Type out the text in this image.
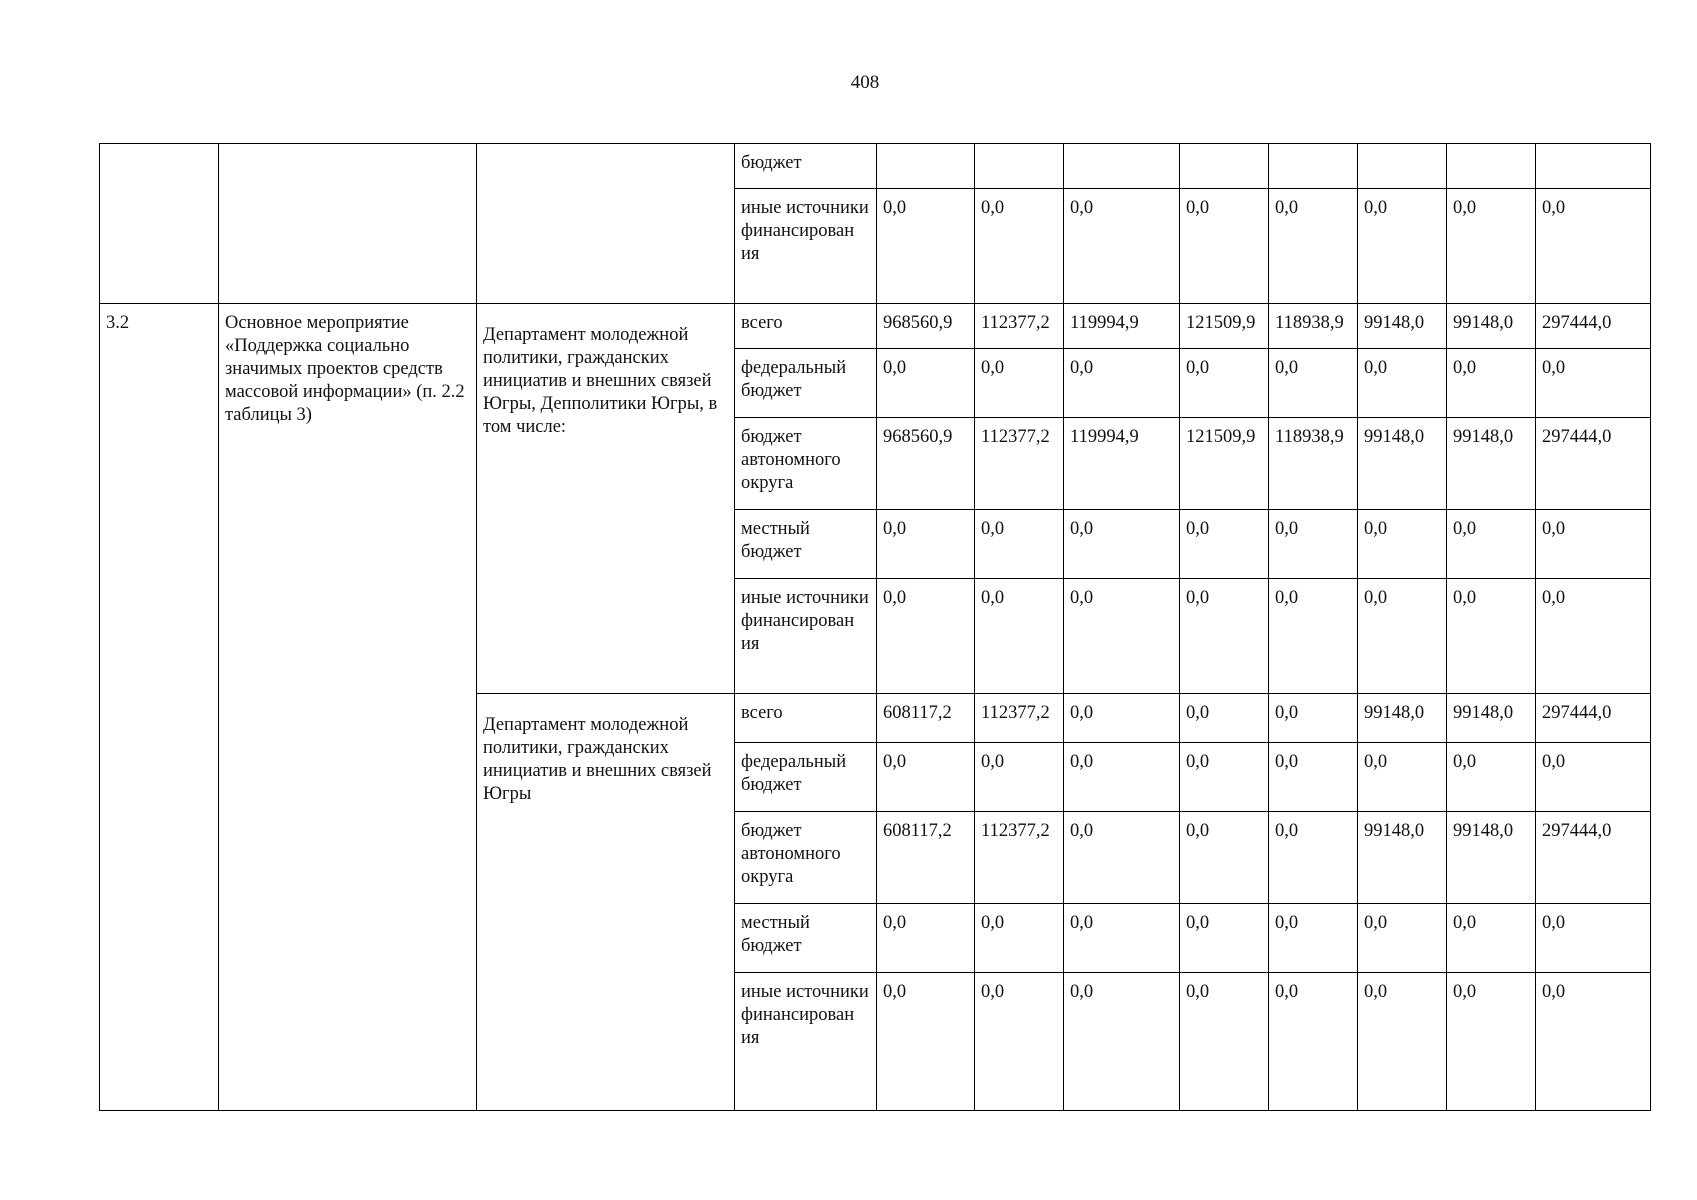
408
			бюджет								
			иные источники финансирован ия	0,0	0,0	0,0	0,0	0,0	0,0	0,0	0,0
3.2	Основное мероприятие «Поддержка социально значимых проектов средств массовой информации» (п. 2.2 таблицы 3)	Департамент молодежной политики, гражданских инициатив и внешних связей Югры, Депполитики Югры, в том числе:	всего	968560,9	112377,2	119994,9	121509,9	118938,9	99148,0	99148,0	297444,0
			федеральный бюджет	0,0	0,0	0,0	0,0	0,0	0,0	0,0	0,0
			бюджет автономного округа	968560,9	112377,2	119994,9	121509,9	118938,9	99148,0	99148,0	297444,0
			местный бюджет	0,0	0,0	0,0	0,0	0,0	0,0	0,0	0,0
			иные источники финансирован ия	0,0	0,0	0,0	0,0	0,0	0,0	0,0	0,0
		Департамент молодежной политики, гражданских инициатив и внешних связей Югры	всего	608117,2	112377,2	0,0	0,0	0,0	99148,0	99148,0	297444,0
			федеральный бюджет	0,0	0,0	0,0	0,0	0,0	0,0	0,0	0,0
			бюджет автономного округа	608117,2	112377,2	0,0	0,0	0,0	99148,0	99148,0	297444,0
			местный бюджет	0,0	0,0	0,0	0,0	0,0	0,0	0,0	0,0
			иные источники финансирован ия	0,0	0,0	0,0	0,0	0,0	0,0	0,0	0,0
